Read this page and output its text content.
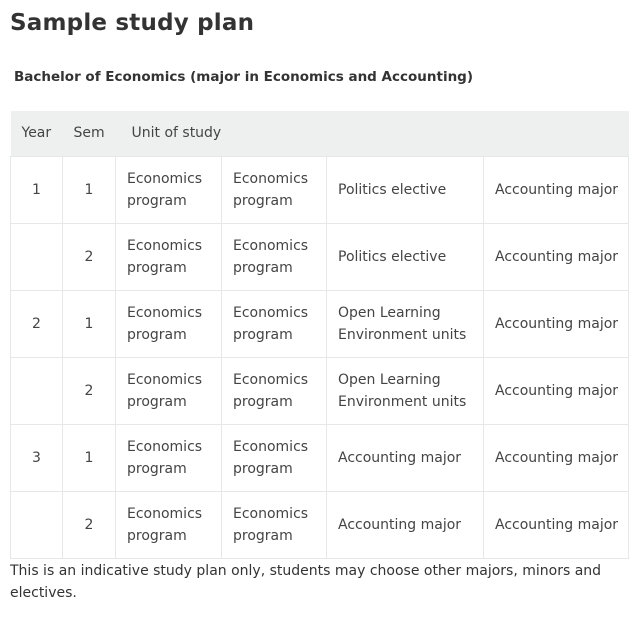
Sample study plan
Bachelor of Economics (major in Economics and Accounting)
Year	Sem	Unit of study			
1	1	Economics program	Economics program	Politics elective	Accounting major
	2	Economics program	Economics program	Politics elective	Accounting major
2	1	Economics program	Economics program	Open Learning Environment units	Accounting major
	2	Economics program	Economics program	Open Learning Environment units	Accounting major
3	1	Economics program	Economics program	Accounting major	Accounting major
	2	Economics program	Economics program	Accounting major	Accounting major
This is an indicative study plan only, students may choose other majors, minors and electives.
